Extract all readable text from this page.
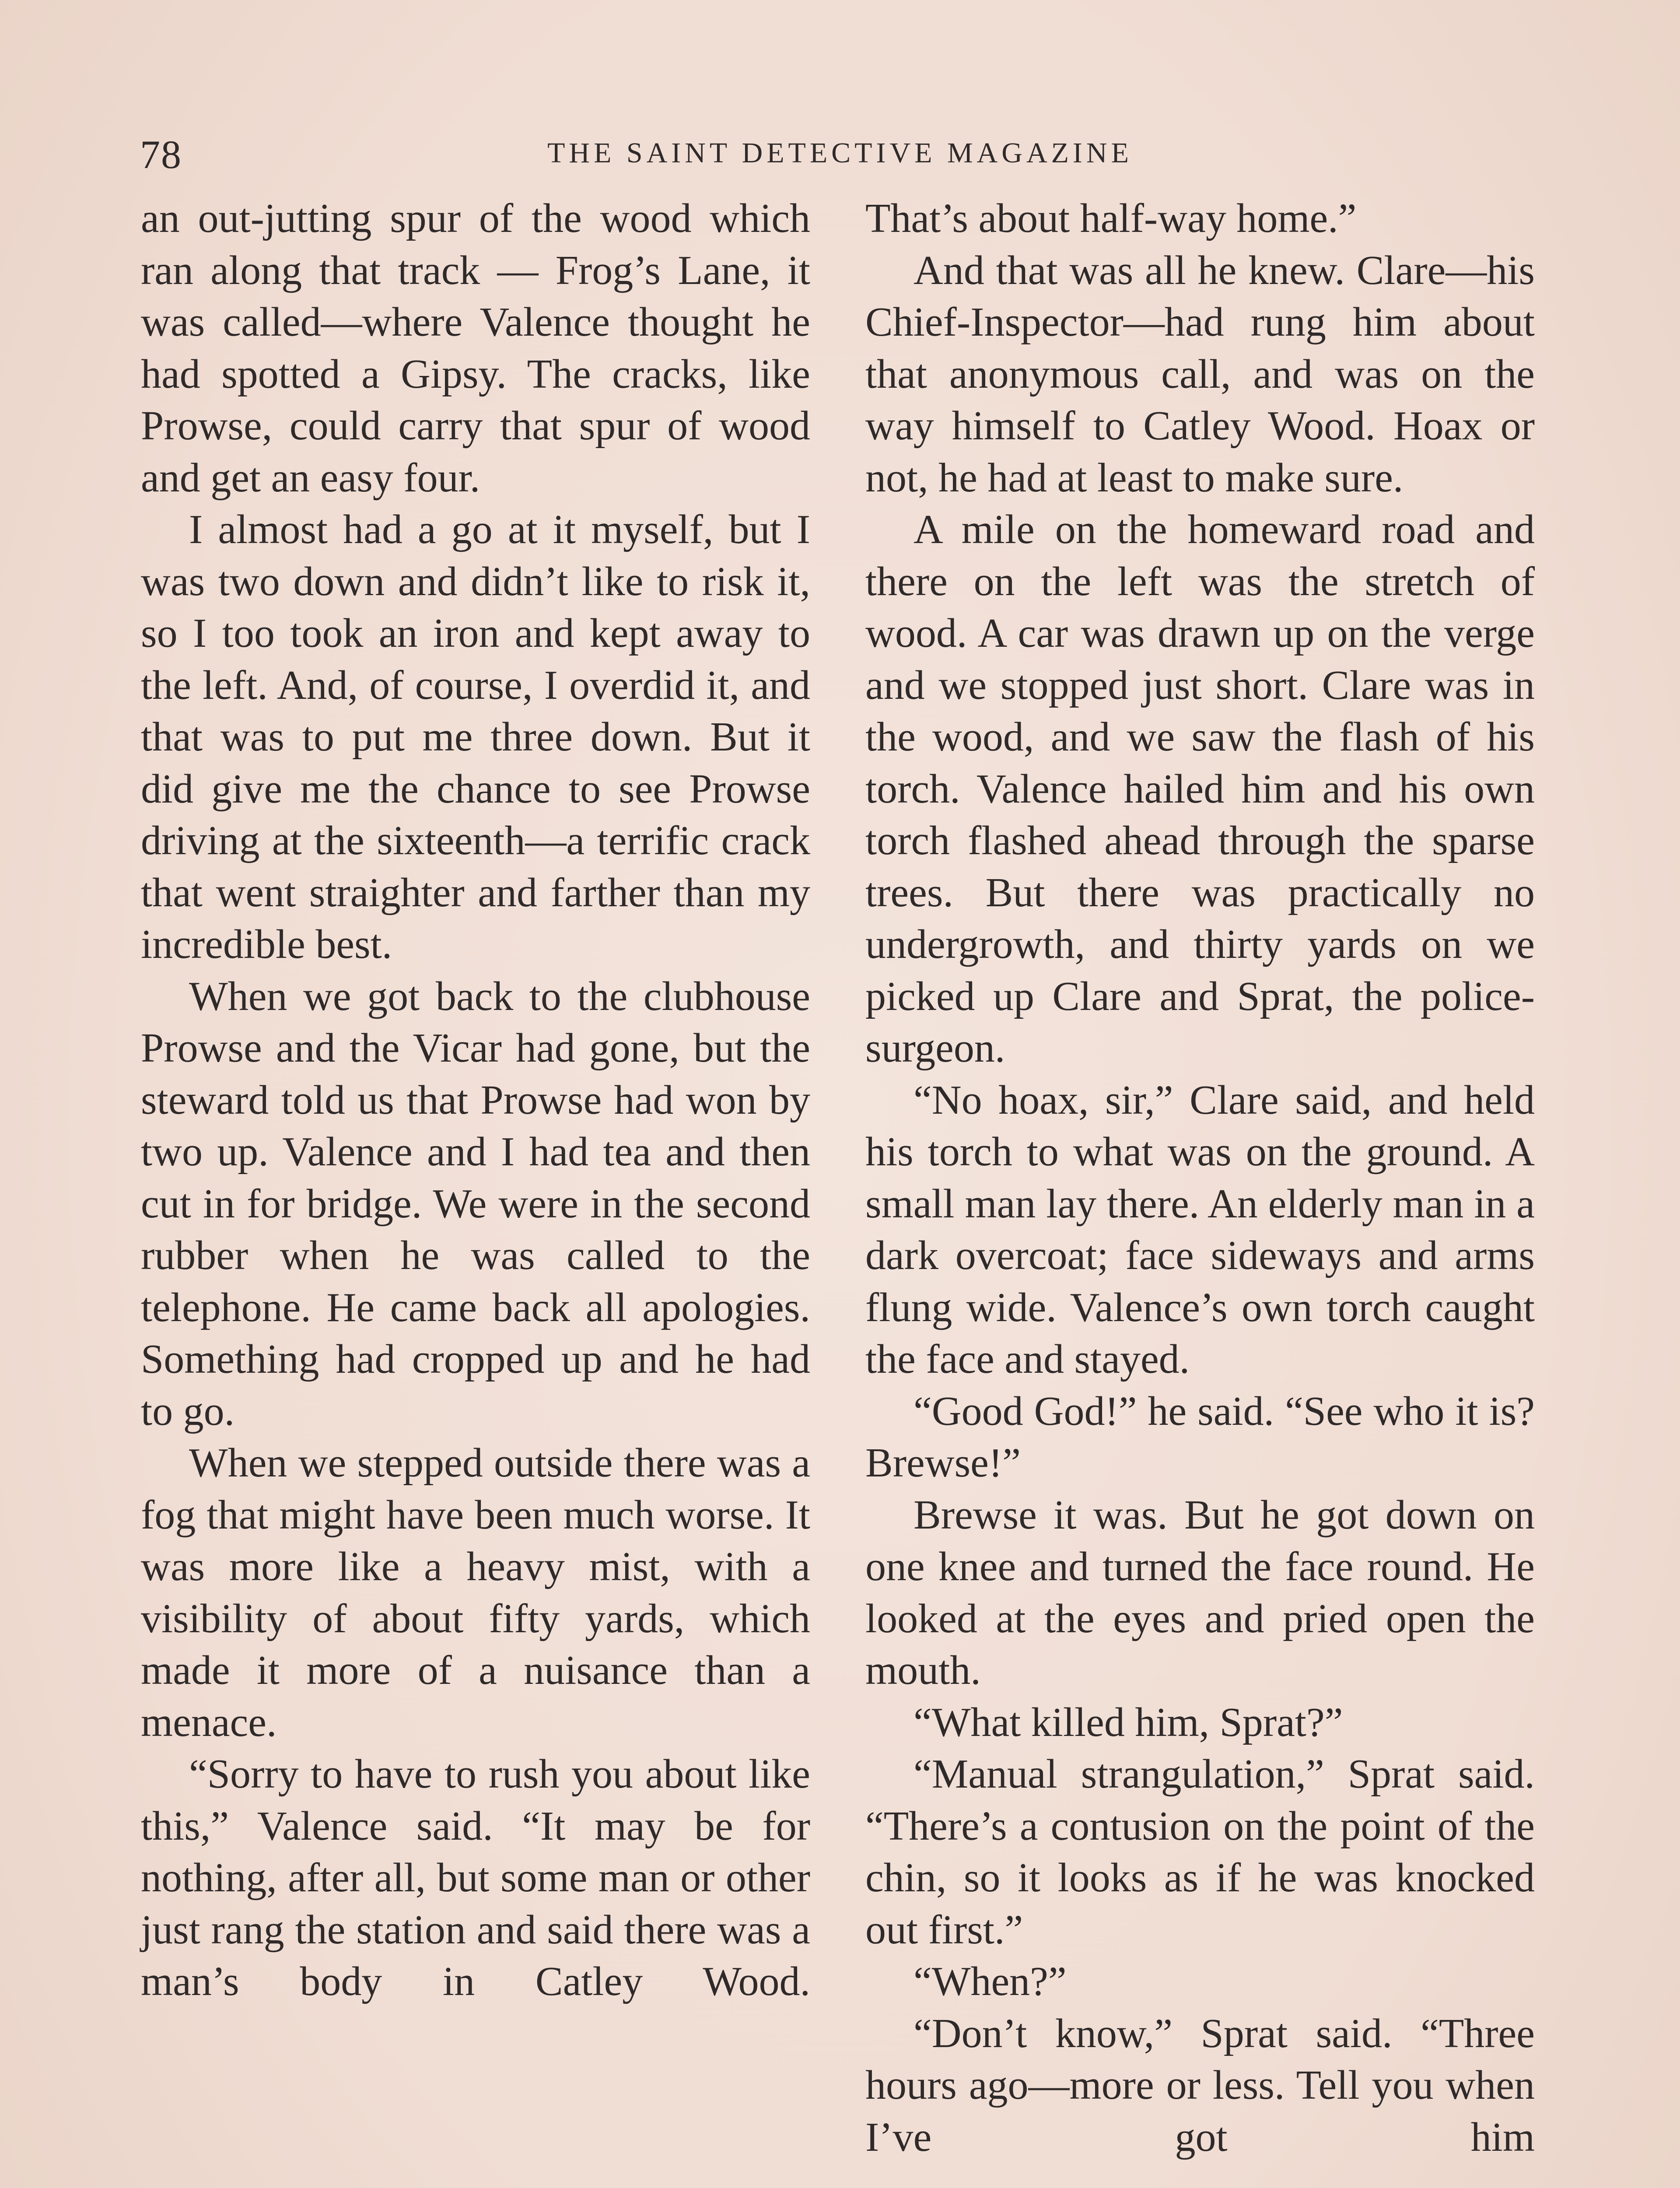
78	THE SAINT DETECTIVE MAGAZINE

an out-jutting spur of the wood which ran along that track — Frog’s Lane, it was called—where Valence thought he had spotted a Gipsy. The cracks, like Prowse, could carry that spur of wood and get an easy four.

I almost had a go at it myself, but I was two down and didn’t like to risk it, so I too took an iron and kept away to the left. And, of course, I overdid it, and that was to put me three down. But it did give me the chance to see Prowse driving at the sixteenth—a terrific crack that went straighter and farther than my incredible best.

When we got back to the clubhouse Prowse and the Vicar had gone, but the steward told us that Prowse had won by two up. Valence and I had tea and then cut in for bridge. We were in the second rubber when he was called to the telephone. He came back all apologies. Something had cropped up and he had to go.

When we stepped outside there was a fog that might have been much worse. It was more like a heavy mist, with a visibility of about fifty yards, which made it more of a nuisance than a menace.

“Sorry to have to rush you about like this,” Valence said. “It may be for nothing, after all, but some man or other just rang the station and said there was a man’s body in Catley Wood.

That’s about half-way home.”

And that was all he knew. Clare—his Chief-Inspector—had rung him about that anonymous call, and was on the way himself to Catley Wood. Hoax or not, he had at least to make sure.

A mile on the homeward road and there on the left was the stretch of wood. A car was drawn up on the verge and we stopped just short. Clare was in the wood, and we saw the flash of his torch. Valence hailed him and his own torch flashed ahead through the sparse trees. But there was practically no undergrowth, and thirty yards on we picked up Clare and Sprat, the police-surgeon.

“No hoax, sir,” Clare said, and held his torch to what was on the ground. A small man lay there. An elderly man in a dark overcoat; face sideways and arms flung wide. Valence’s own torch caught the face and stayed.

“Good God!” he said. “See who it is? Brewse!”

Brewse it was. But he got down on one knee and turned the face round. He looked at the eyes and pried open the mouth.

“What killed him, Sprat?”

“Manual strangulation,” Sprat said. “There’s a contusion on the point of the chin, so it looks as if he was knocked out first.”

“When?”

“Don’t know,” Sprat said. “Three hours ago—more or less. Tell you when I’ve got him
